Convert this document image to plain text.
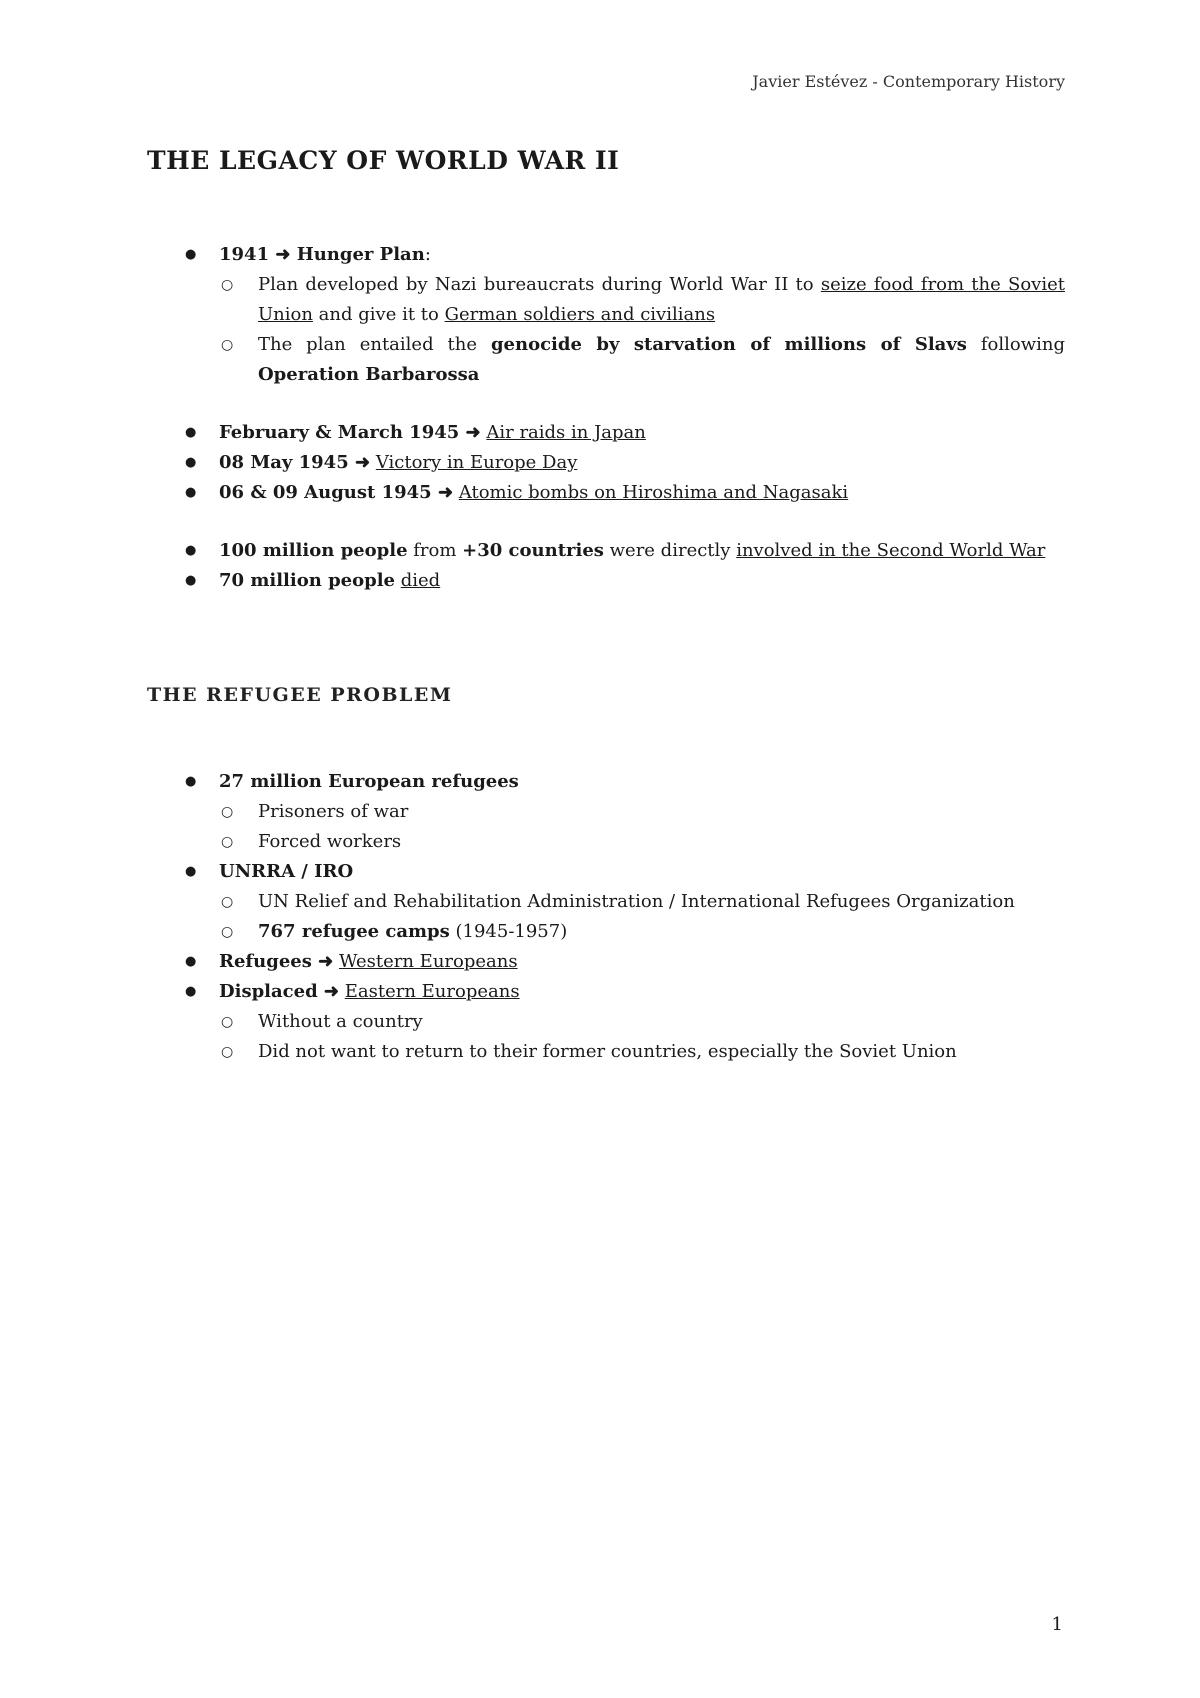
Javier Estévez - Contemporary History
THE LEGACY OF WORLD WAR II
● 1941 ➜ Hunger Plan:
○ Plan developed by Nazi bureaucrats during World War II to seize food from the Soviet Union and give it to German soldiers and civilians
○ The plan entailed the genocide by starvation of millions of Slavs following Operation Barbarossa
● February & March 1945 ➜ Air raids in Japan
● 08 May 1945 ➜ Victory in Europe Day
● 06 & 09 August 1945 ➜ Atomic bombs on Hiroshima and Nagasaki
● 100 million people from +30 countries were directly involved in the Second World War
● 70 million people died
THE REFUGEE PROBLEM
● 27 million European refugees
○ Prisoners of war
○ Forced workers
● UNRRA / IRO
○ UN Relief and Rehabilitation Administration / International Refugees Organization
○ 767 refugee camps (1945-1957)
● Refugees ➜ Western Europeans
● Displaced ➜ Eastern Europeans
○ Without a country
○ Did not want to return to their former countries, especially the Soviet Union
1
